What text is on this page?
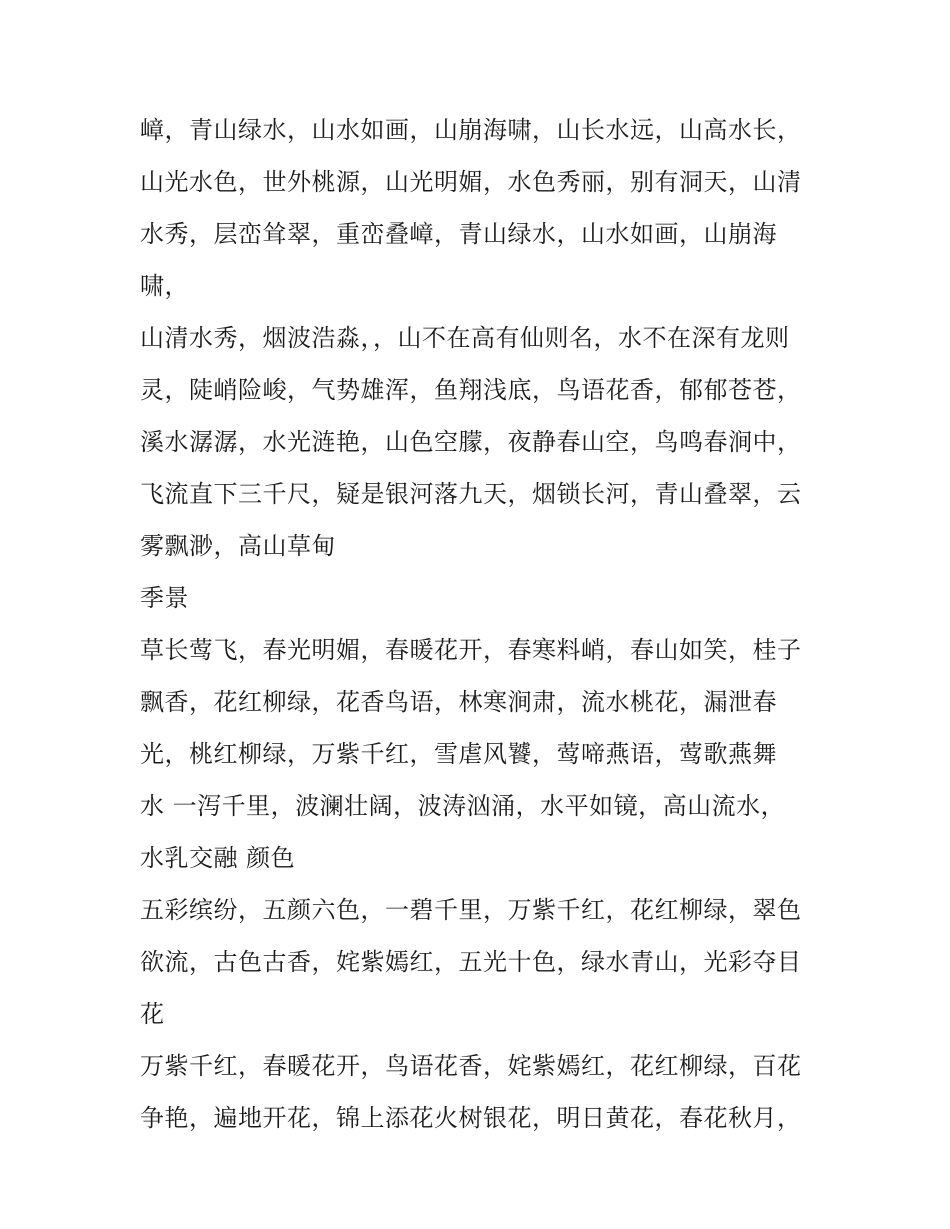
嶂，青山绿水，山水如画，山崩海啸，山长水远，山高水长，
山光水色，世外桃源，山光明媚，水色秀丽，别有洞天，山清
水秀，层峦耸翠，重峦叠嶂，青山绿水，山水如画，山崩海
啸，
山清水秀，烟波浩淼，，山不在高有仙则名，水不在深有龙则
灵，陡峭险峻，气势雄浑，鱼翔浅底，鸟语花香，郁郁苍苍，
溪水潺潺，水光涟艳，山色空朦，夜静春山空，鸟鸣春涧中，
飞流直下三千尺，疑是银河落九天，烟锁长河，青山叠翠，云
雾飘渺，高山草甸
季景
草长莺飞，春光明媚，春暖花开，春寒料峭，春山如笑，桂子
飘香，花红柳绿，花香鸟语，林寒涧肃，流水桃花，漏泄春
光，桃红柳绿，万紫千红，雪虐风饕，莺啼燕语，莺歌燕舞
水 一泻千里，波澜壮阔，波涛汹涌，水平如镜，高山流水，
水乳交融 颜色
五彩缤纷，五颜六色，一碧千里，万紫千红，花红柳绿，翠色
欲流，古色古香，姹紫嫣红，五光十色，绿水青山，光彩夺目
花
万紫千红，春暖花开，鸟语花香，姹紫嫣红，花红柳绿，百花
争艳，遍地开花，锦上添花火树银花，明日黄花，春花秋月，
